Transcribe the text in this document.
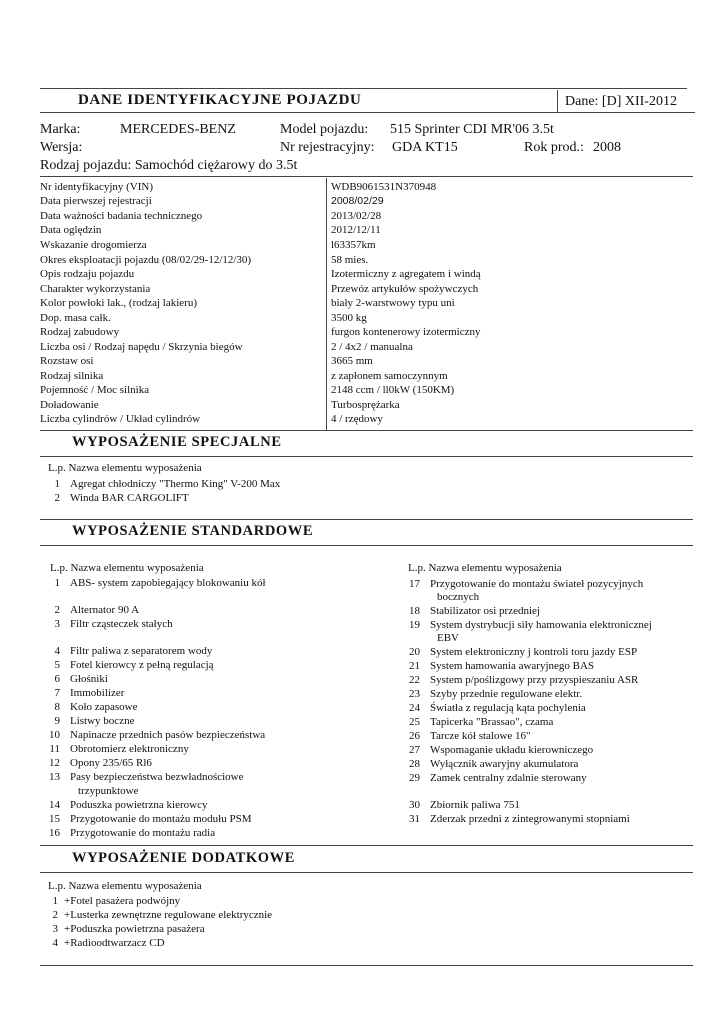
DANE IDENTYFIKACYJNE POJAZDU	Dane: [D] XII-2012
Marka:	MERCEDES-BENZ	Model pojazdu: 515 Sprinter CDI MR'06 3.5t
Wersja:	Nr rejestracyjny: GDA KT15	Rok prod.: 2008
Rodzaj pojazdu: Samochód ciężarowy do 3.5t
Nr identyfikacyjny (VIN)	WDB9061531N370948
Data pierwszej rejestracji	2008/02/29
Data ważności badania technicznego	2013/02/28
Data oględzin	2012/12/11
Wskazanie drogomierza	l63357km
Okres eksploatacji pojazdu (08/02/29-12/12/30)	58 mies.
Opis rodzaju pojazdu	Izotermiczny z agregatem i windą
Charakter wykorzystania	Przewóz artykułów spożywczych
Kolor powłoki lak., (rodzaj lakieru)	biały 2-warstwowy typu uni
Dop. masa całk.	3500 kg
Rodzaj zabudowy	furgon kontenerowy izotermiczny
Liczba osi / Rodzaj napędu / Skrzynia biegów	2 / 4x2 / manualna
Rozstaw osi	3665 mm
Rodzaj silnika	z zapłonem samoczynnym
Pojemność / Moc silnika	2148 ccm / ll0kW (150KM)
Doładowanie	Turbosprężarka
Liczba cylindrów / Układ cylindrów	4 / rzędowy
WYPOSAŻENIE SPECJALNE
L.p. Nazwa elementu wyposażenia
1 Agregat chłodniczy "Thermo King" V-200 Max
2 Winda BAR CARGOLIFT
WYPOSAŻENIE STANDARDOWE
L.p. Nazwa elementu wyposażenia	L.p. Nazwa elementu wyposażenia
1 ABS- system zapobiegający blokowaniu kół
2 Alternator 90 A
3 Filtr cząsteczek stałych
4 Filtr paliwa z separatorem wody
5 Fotel kierowcy z pełną regulacją
6 Głośniki
7 Immobilizer
8 Koło zapasowe
9 Listwy boczne
10 Napinacze przednich pasów bezpieczeństwa
11 Obrotomierz elektroniczny
12 Opony 235/65 Rl6
13 Pasy bezpieczeństwa bezwładnościowe
trzypunktowe
14 Poduszka powietrzna kierowcy
15 Przygotowanie do montażu modułu PSM
16 Przygotowanie do montażu radia
17 Przygotowanie do montażu świateł pozycyjnych
bocznych
18 Stabilizator osi przedniej
19 System dystrybucji siły hamowania elektronicznej
EBV
20 System elektroniczny j kontroli toru jazdy ESP
21 System hamowania awaryjnego BAS
22 System p/poślizgowy przy przyspieszaniu ASR
23 Szyby przednie regulowane elektr.
24 Światła z regulacją kąta pochylenia
25 Tapicerka "Brassao", czama
26 Tarcze kół stalowe 16"
27 Wspomaganie układu kierowniczego
28 Wyłącznik awaryjny akumulatora
29 Zamek centralny zdalnie sterowany
30 Zbiornik paliwa 751
31 Zderzak przedni z zintegrowanymi stopniami
WYPOSAŻENIE DODATKOWE
L.p. Nazwa elementu wyposażenia
1 +Fotel pasażera podwójny
2 +Lusterka zewnętrzne regulowane elektrycznie
3 +Poduszka powietrzna pasażera
4 +Radioodtwarzacz CD
